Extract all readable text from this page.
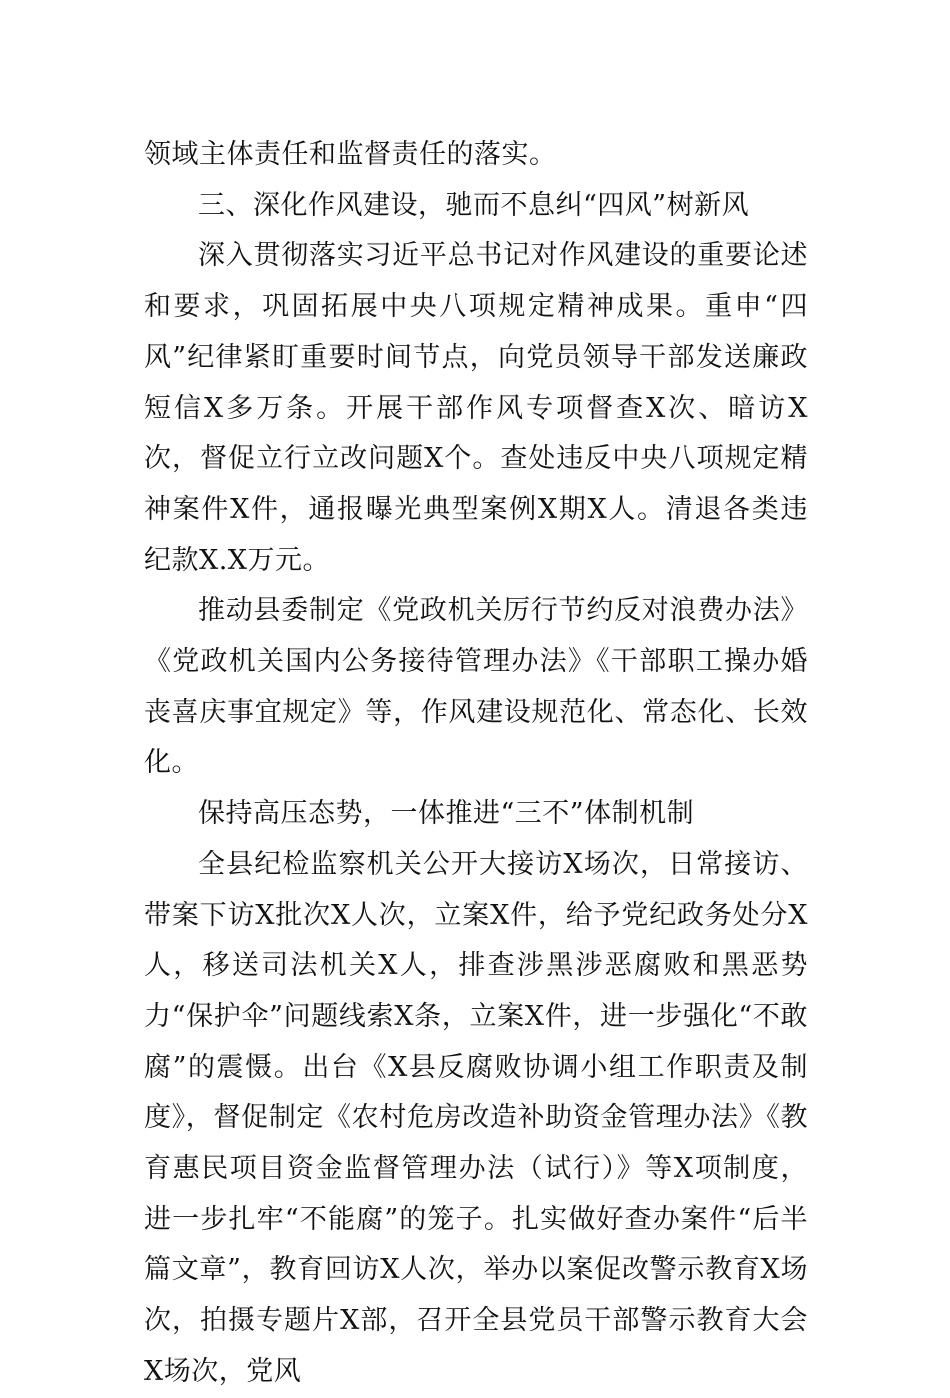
领域主体责任和监督责任的落实。

三、深化作风建设，驰而不息纠“四风”树新风

深入贯彻落实习近平总书记对作风建设的重要论述和要求，巩固拓展中央八项规定精神成果。重申“四风”纪律紧盯重要时间节点，向党员领导干部发送廉政短信X多万条。开展干部作风专项督查X次、暗访X次，督促立行立改问题X个。查处违反中央八项规定精神案件X件，通报曝光典型案例X期X人。清退各类违纪款X.X万元。

推动县委制定《党政机关厉行节约反对浪费办法》《党政机关国内公务接待管理办法》《干部职工操办婚丧喜庆事宜规定》等，作风建设规范化、常态化、长效化。

保持高压态势，一体推进“三不”体制机制

全县纪检监察机关公开大接访X场次，日常接访、带案下访X批次X人次，立案X件，给予党纪政务处分X人，移送司法机关X人，排查涉黑涉恶腐败和黑恶势力“保护伞”问题线索X条，立案X件，进一步强化“不敢腐”的震慑。出台《X县反腐败协调小组工作职责及制度》，督促制定《农村危房改造补助资金管理办法》《教育惠民项目资金监督管理办法（试行）》等X项制度，进一步扎牢“不能腐”的笼子。扎实做好查办案件“后半篇文章”，教育回访X人次，举办以案促改警示教育X场次，拍摄专题片X部，召开全县党员干部警示教育大会X场次，党风
